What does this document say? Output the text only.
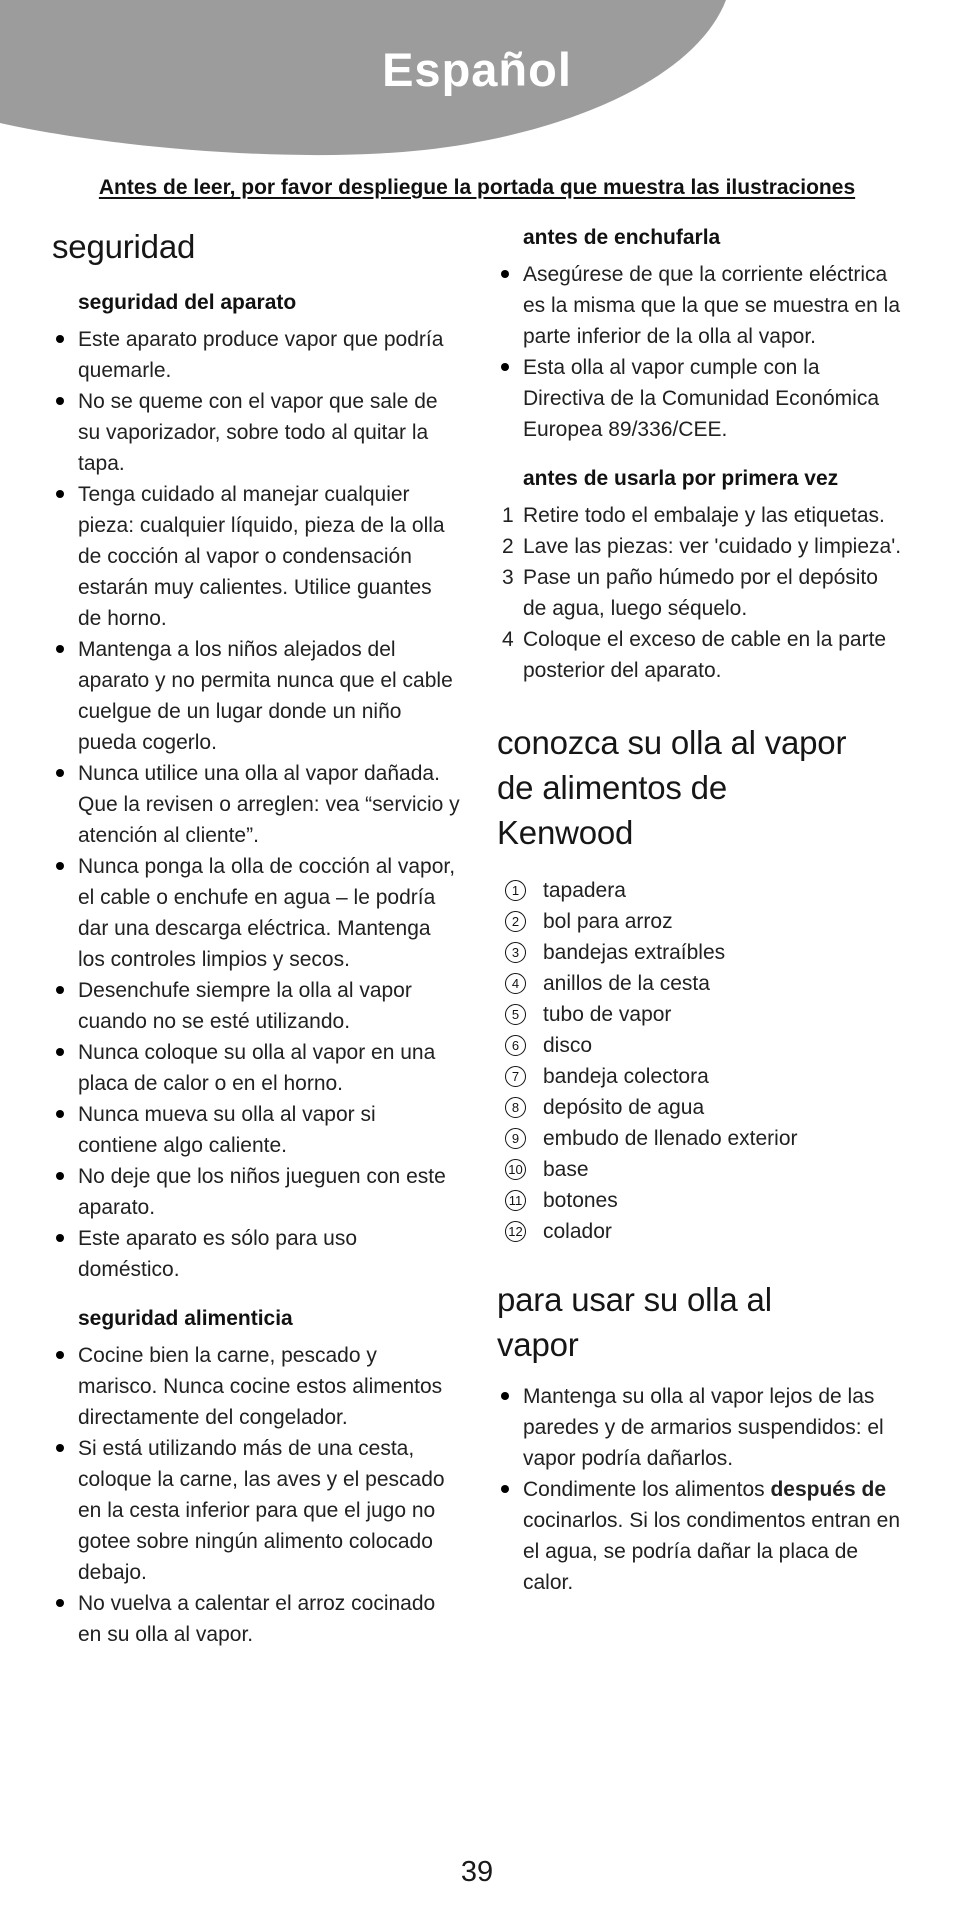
Español
Antes de leer, por favor despliegue la portada que muestra las ilustraciones
seguridad
seguridad del aparato
Este aparato produce vapor que podría quemarle.
No se queme con el vapor que sale de su vaporizador, sobre todo al quitar la tapa.
Tenga cuidado al manejar cualquier pieza: cualquier líquido, pieza de la olla de cocción al vapor o condensación estarán muy calientes. Utilice guantes de horno.
Mantenga a los niños alejados del aparato y no permita nunca que el cable cuelgue de un lugar donde un niño pueda cogerlo.
Nunca utilice una olla al vapor dañada. Que la revisen o arreglen: vea “servicio y atención al cliente”.
Nunca ponga la olla de cocción al vapor, el cable o enchufe en agua – le podría dar una descarga eléctrica. Mantenga los controles limpios y secos.
Desenchufe siempre la olla al vapor cuando no se esté utilizando.
Nunca coloque su olla al vapor en una placa de calor o en el horno.
Nunca mueva su olla al vapor si contiene algo caliente.
No deje que los niños jueguen con este aparato.
Este aparato es sólo para uso doméstico.
seguridad alimenticia
Cocine bien la carne, pescado y marisco. Nunca cocine estos alimentos directamente del congelador.
Si está utilizando más de una cesta, coloque la carne, las aves y el pescado en la cesta inferior para que el jugo no gotee sobre ningún alimento colocado debajo.
No vuelva a calentar el arroz cocinado en su olla al vapor.
antes de enchufarla
Asegúrese de que la corriente eléctrica es la misma que la que se muestra en la parte inferior de la olla al vapor.
Esta olla al vapor cumple con la Directiva de la Comunidad Económica Europea 89/336/CEE.
antes de usarla por primera vez
1 Retire todo el embalaje y las etiquetas.
2 Lave las piezas: ver 'cuidado y limpieza'.
3 Pase un paño húmedo por el depósito de agua, luego séquelo.
4 Coloque el exceso de cable en la parte posterior del aparato.
conozca su olla al vapor
de alimentos de
Kenwood
1	tapadera
2	bol para arroz
3	bandejas extraíbles
4	anillos de la cesta
5	tubo de vapor
6	disco
7	bandeja colectora
8	depósito de agua
9	embudo de llenado exterior
10 base
11 botones
12 colador
para usar su olla al
vapor
Mantenga su olla al vapor lejos de las paredes y de armarios suspendidos: el vapor podría dañarlos.
Condimente los alimentos después de cocinarlos. Si los condimentos entran en el agua, se podría dañar la placa de calor.
39
